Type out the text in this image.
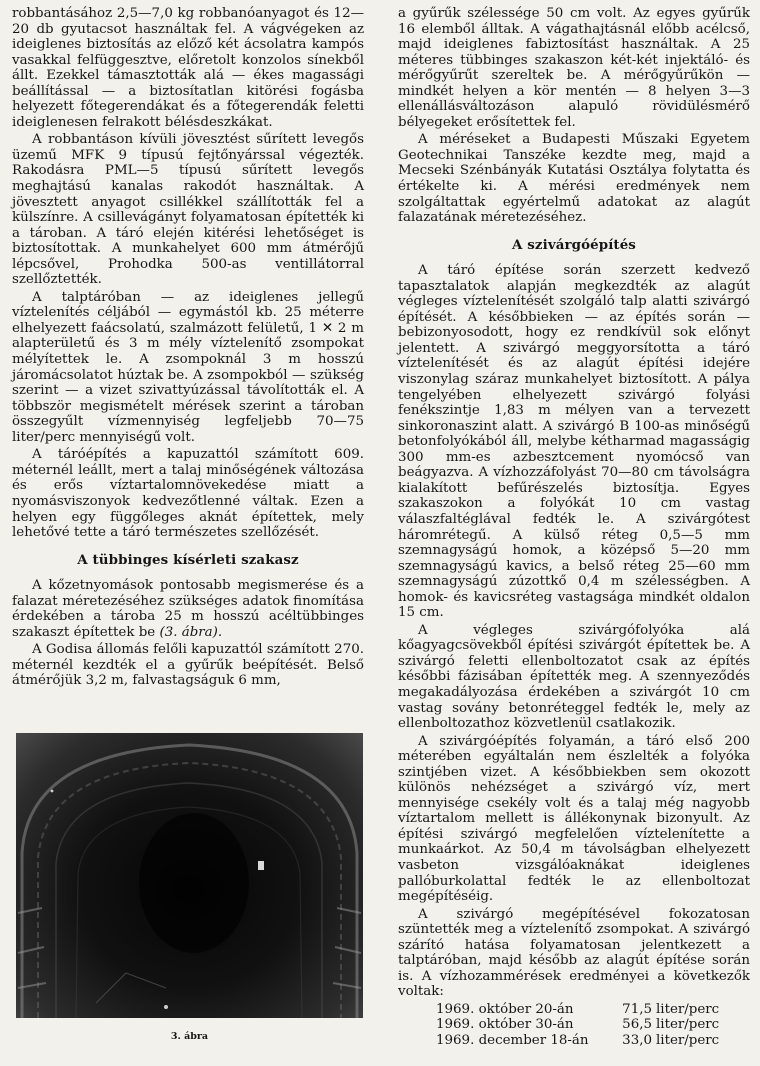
robbantásához 2,5—7,0 kg robbanóanyagot és 12—20 db gyutacsot használtak fel. A vágvégeken az ideiglenes biztosítás az előző két ácsolatra kampós vasakkal felfüggesztve, előretolt konzolos sínekből állt. Ezekkel támasztották alá — ékes magassági beállítással — a biztosítatlan kitörési fogásba helyezett főtegerendákat és a főtegerendák feletti ideiglenesen felrakott bélésdeszkákat.

A robbantáson kívüli jövesztést sűrített levegős üzemű MFK 9 típusú fejtőnyárssal végezték. Rakodásra PML—5 típusú sűrített levegős meghajtású kanalas rakodót használtak. A jövesztett anyagot csillékkel szállították fel a külszínre. A csillevágányt folyamatosan építették ki a tároban. A táró elején kitérési lehetőséget is biztosítottak. A munkahelyet 600 mm átmérőjű lépcsővel, Prohodka 500-as ventillátorral szellőztették.

A talptáróban — az ideiglenes jellegű víztelenítés céljából — egymástól kb. 25 méterre elhelyezett faácsolatú, szalmázott felületű, 1 ✕ 2 m alapterületű és 3 m mély víztelenítő zsompokat mélyítettek le. A zsompoknál 3 m hosszú járomácsolatot húztak be. A zsompokból — szükség szerint — a vizet szivattyúzással távolították el. A többször megismételt mérések szerint a tároban összegyűlt vízmennyiség legfeljebb 70—75 liter/perc mennyiségű volt.

A táróépítés a kapuzattól számított 609. méternél leállt, mert a talaj minőségének változása és erős víztartalomnövekedése miatt a nyomásviszonyok kedvezőtlenné váltak. Ezen a helyen egy függőleges aknát építettek, mely lehetővé tette a táró természetes szellőzését.

A tübbinges kísérleti szakasz

A kőzetnyomások pontosabb megismerése és a falazat méretezéséhez szükséges adatok finomítása érdekében a tároba 25 m hosszú acéltübbinges szakaszt építettek be (3. ábra).

A Godisa állomás felőli kapuzattól számított 270. méternél kezdték el a gyűrűk beépítését. Belső átmérőjük 3,2 m, falvastagságuk 6 mm,

3. ábra

a gyűrűk szélessége 50 cm volt. Az egyes gyűrűk 16 elemből álltak. A vágathajtásnál előbb acélcső, majd ideiglenes fabiztosítást használtak. A 25 méteres tübbinges szakaszon két-két injektáló- és mérőgyűrűt szereltek be. A mérőgyűrűkön — mindkét helyen a kör mentén — 8 helyen 3—3 ellenállásváltozáson alapuló rövidülésmérő bélyegeket erősítettek fel.

A méréseket a Budapesti Műszaki Egyetem Geotechnikai Tanszéke kezdte meg, majd a Mecseki Szénbányák Kutatási Osztálya folytatta és értékelte ki. A mérési eredmények nem szolgáltattak egyértelmű adatokat az alagút falazatának méretezéséhez.

A szivárgóépítés

A táró építése során szerzett kedvező tapasztalatok alapján megkezdték az alagút végleges víztelenítését szolgáló talp alatti szivárgó építését. A későbbieken — az építés során — bebizonyosodott, hogy ez rendkívül sok előnyt jelentett. A szivárgó meggyorsította a táró víztelenítését és az alagút építési idejére viszonylag száraz munkahelyet biztosított. A pálya tengelyében elhelyezett szivárgó folyási fenékszintje 1,83 m mélyen van a tervezett sinkoronaszint alatt. A szivárgó B 100-as minőségű betonfolyókából áll, melybe kétharmad magasságig 300 mm-es azbesztcement nyomócső van beágyazva. A vízhozzáfolyást 70—80 cm távolságra kialakított befűrészelés biztosítja. Egyes szakaszokon a folyókát 10 cm vastag válaszfaltéglával fedték le. A szivárgótest háromrétegű. A külső réteg 0,5—5 mm szemnagyságú homok, a középső 5—20 mm szemnagyságú kavics, a belső réteg 25—60 mm szemnagyságú zúzottkő 0,4 m szélességben. A homok- és kavicsréteg vastagsága mindkét oldalon 15 cm.

A végleges szivárgófolyóka alá kőagyagcsövekből építési szivárgót építettek be. A szivárgó feletti ellenboltozatot csak az építés későbbi fázisában építették meg. A szennyeződés megakadályozása érdekében a szivárgót 10 cm vastag sovány betonréteggel fedték le, mely az ellenboltozathoz közvetlenül csatlakozik.

A szivárgóépítés folyamán, a táró első 200 méterében egyáltalán nem észlelték a folyóka szintjében vizet. A későbbiekben sem okozott különös nehézséget a szivárgó víz, mert mennyisége csekély volt és a talaj még nagyobb víztartalom mellett is állékonynak bizonyult. Az építési szivárgó megfelelően víztelenítette a munkaárkot. Az 50,4 m távolságban elhelyezett vasbeton vizsgálóaknákat ideiglenes pallóburkolattal fedték le az ellenboltozat megépítéséig.

A szivárgó megépítésével fokozatosan szüntették meg a víztelenítő zsompokat. A szivárgó szárító hatása folyamatosan jelentkezett a talptáróban, majd később az alagút építése során is. A vízhozammérések eredményei a következők voltak:

1969. október 20-án	71,5	liter/perc
1969. október 30-án	56,5	liter/perc
1969. december 18-án	33,0	liter/perc
